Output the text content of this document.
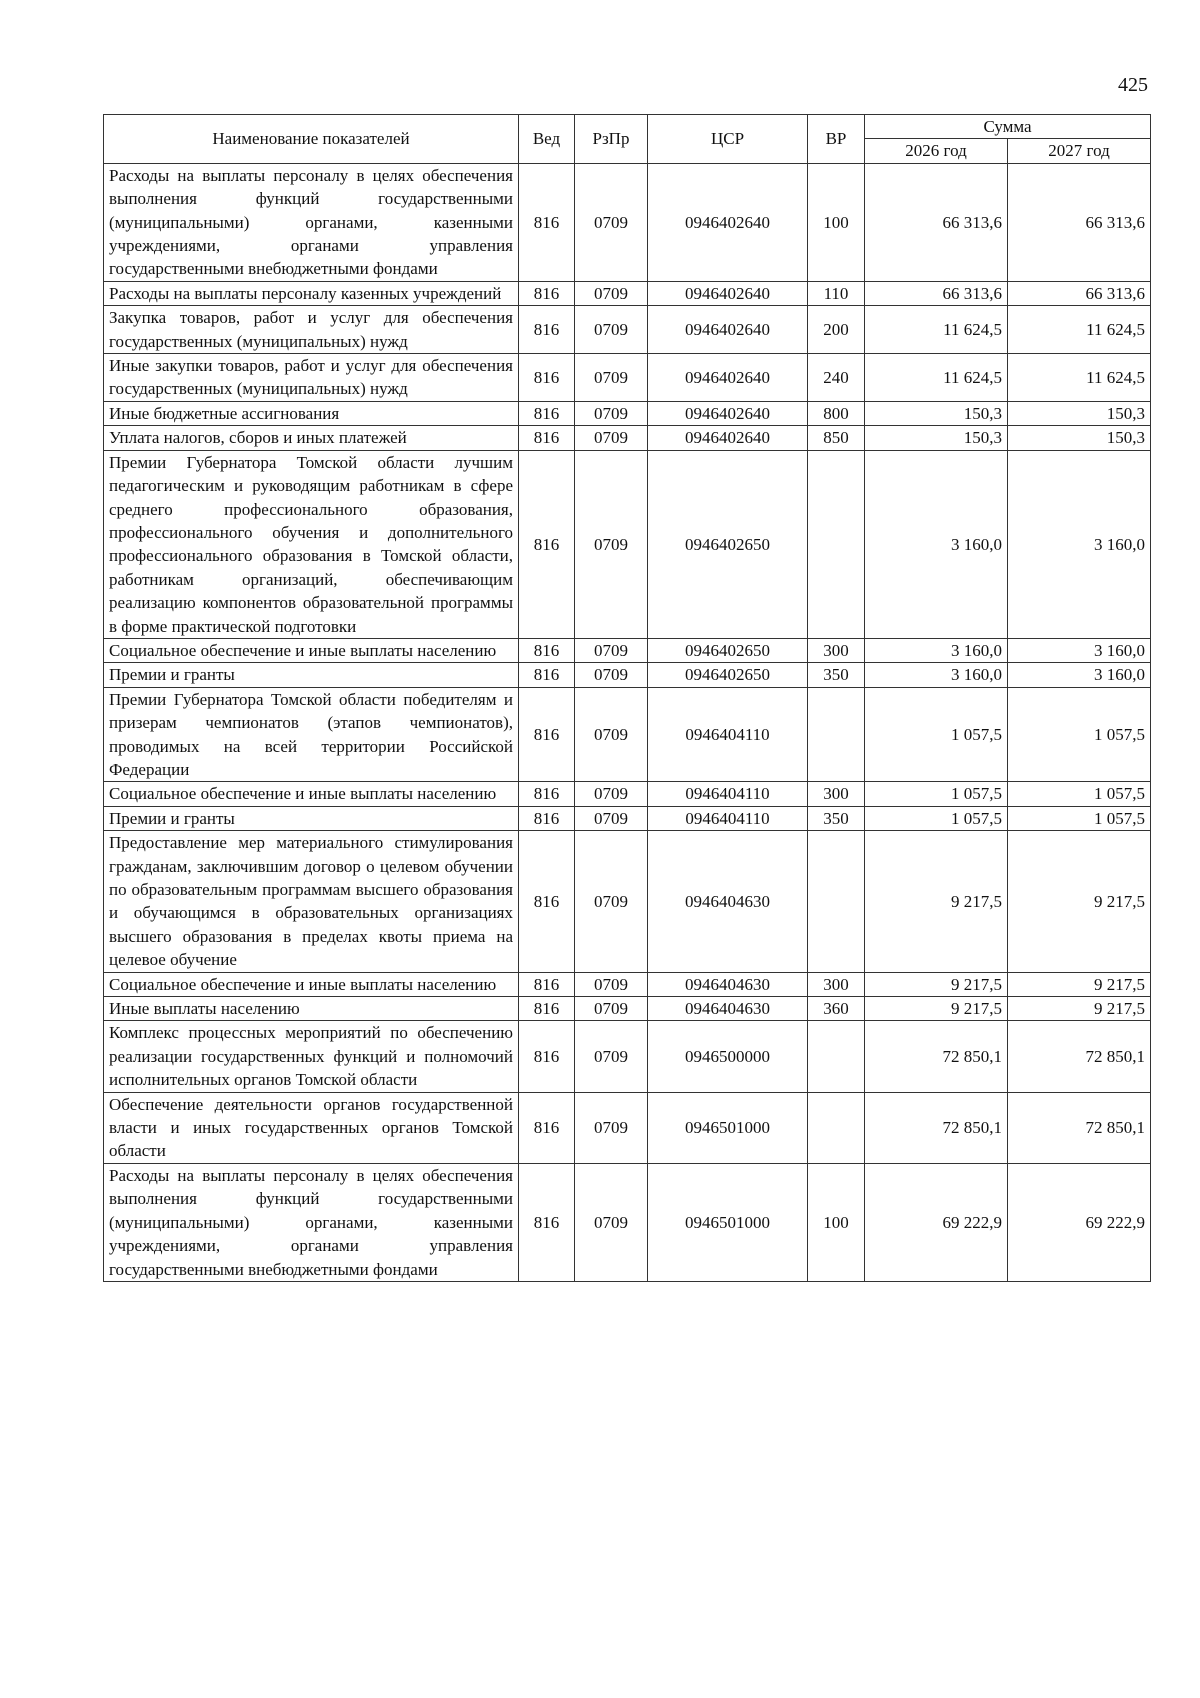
425
Наименование показателей	Вед	РзПр	ЦСР	ВР	Сумма	
					2026 год	2027 год
Расходы на выплаты персоналу в целях обеспечения выполнения функций государственными (муниципальными) органами, казенными учреждениями, органами управления государственными внебюджетными фондами	816	0709	0946402640	100	66 313,6	66 313,6
Расходы на выплаты персоналу казенных учреждений	816	0709	0946402640	110	66 313,6	66 313,6
Закупка товаров, работ и услуг для обеспечения государственных (муниципальных) нужд	816	0709	0946402640	200	11 624,5	11 624,5
Иные закупки товаров, работ и услуг для обеспечения государственных (муниципальных) нужд	816	0709	0946402640	240	11 624,5	11 624,5
Иные бюджетные ассигнования	816	0709	0946402640	800	150,3	150,3
Уплата налогов, сборов и иных платежей	816	0709	0946402640	850	150,3	150,3
Премии Губернатора Томской области лучшим педагогическим и руководящим работникам в сфере среднего профессионального образования, профессионального обучения и дополнительного профессионального образования в Томской области, работникам организаций, обеспечивающим реализацию компонентов образовательной программы в форме практической подготовки	816	0709	0946402650		3 160,0	3 160,0
Социальное обеспечение и иные выплаты населению	816	0709	0946402650	300	3 160,0	3 160,0
Премии и гранты	816	0709	0946402650	350	3 160,0	3 160,0
Премии Губернатора Томской области победителям и призерам чемпионатов (этапов чемпионатов), проводимых на всей территории Российской Федерации	816	0709	0946404110		1 057,5	1 057,5
Социальное обеспечение и иные выплаты населению	816	0709	0946404110	300	1 057,5	1 057,5
Премии и гранты	816	0709	0946404110	350	1 057,5	1 057,5
Предоставление мер материального стимулирования гражданам, заключившим договор о целевом обучении по образовательным программам высшего образования и обучающимся в образовательных организациях высшего образования в пределах квоты приема на целевое обучение	816	0709	0946404630		9 217,5	9 217,5
Социальное обеспечение и иные выплаты населению	816	0709	0946404630	300	9 217,5	9 217,5
Иные выплаты населению	816	0709	0946404630	360	9 217,5	9 217,5
Комплекс процессных мероприятий по обеспечению реализации государственных функций и полномочий исполнительных органов Томской области	816	0709	0946500000		72 850,1	72 850,1
Обеспечение деятельности органов государственной власти и иных государственных органов Томской области	816	0709	0946501000		72 850,1	72 850,1
Расходы на выплаты персоналу в целях обеспечения выполнения функций государственными (муниципальными) органами, казенными учреждениями, органами управления государственными внебюджетными фондами	816	0709	0946501000	100	69 222,9	69 222,9
